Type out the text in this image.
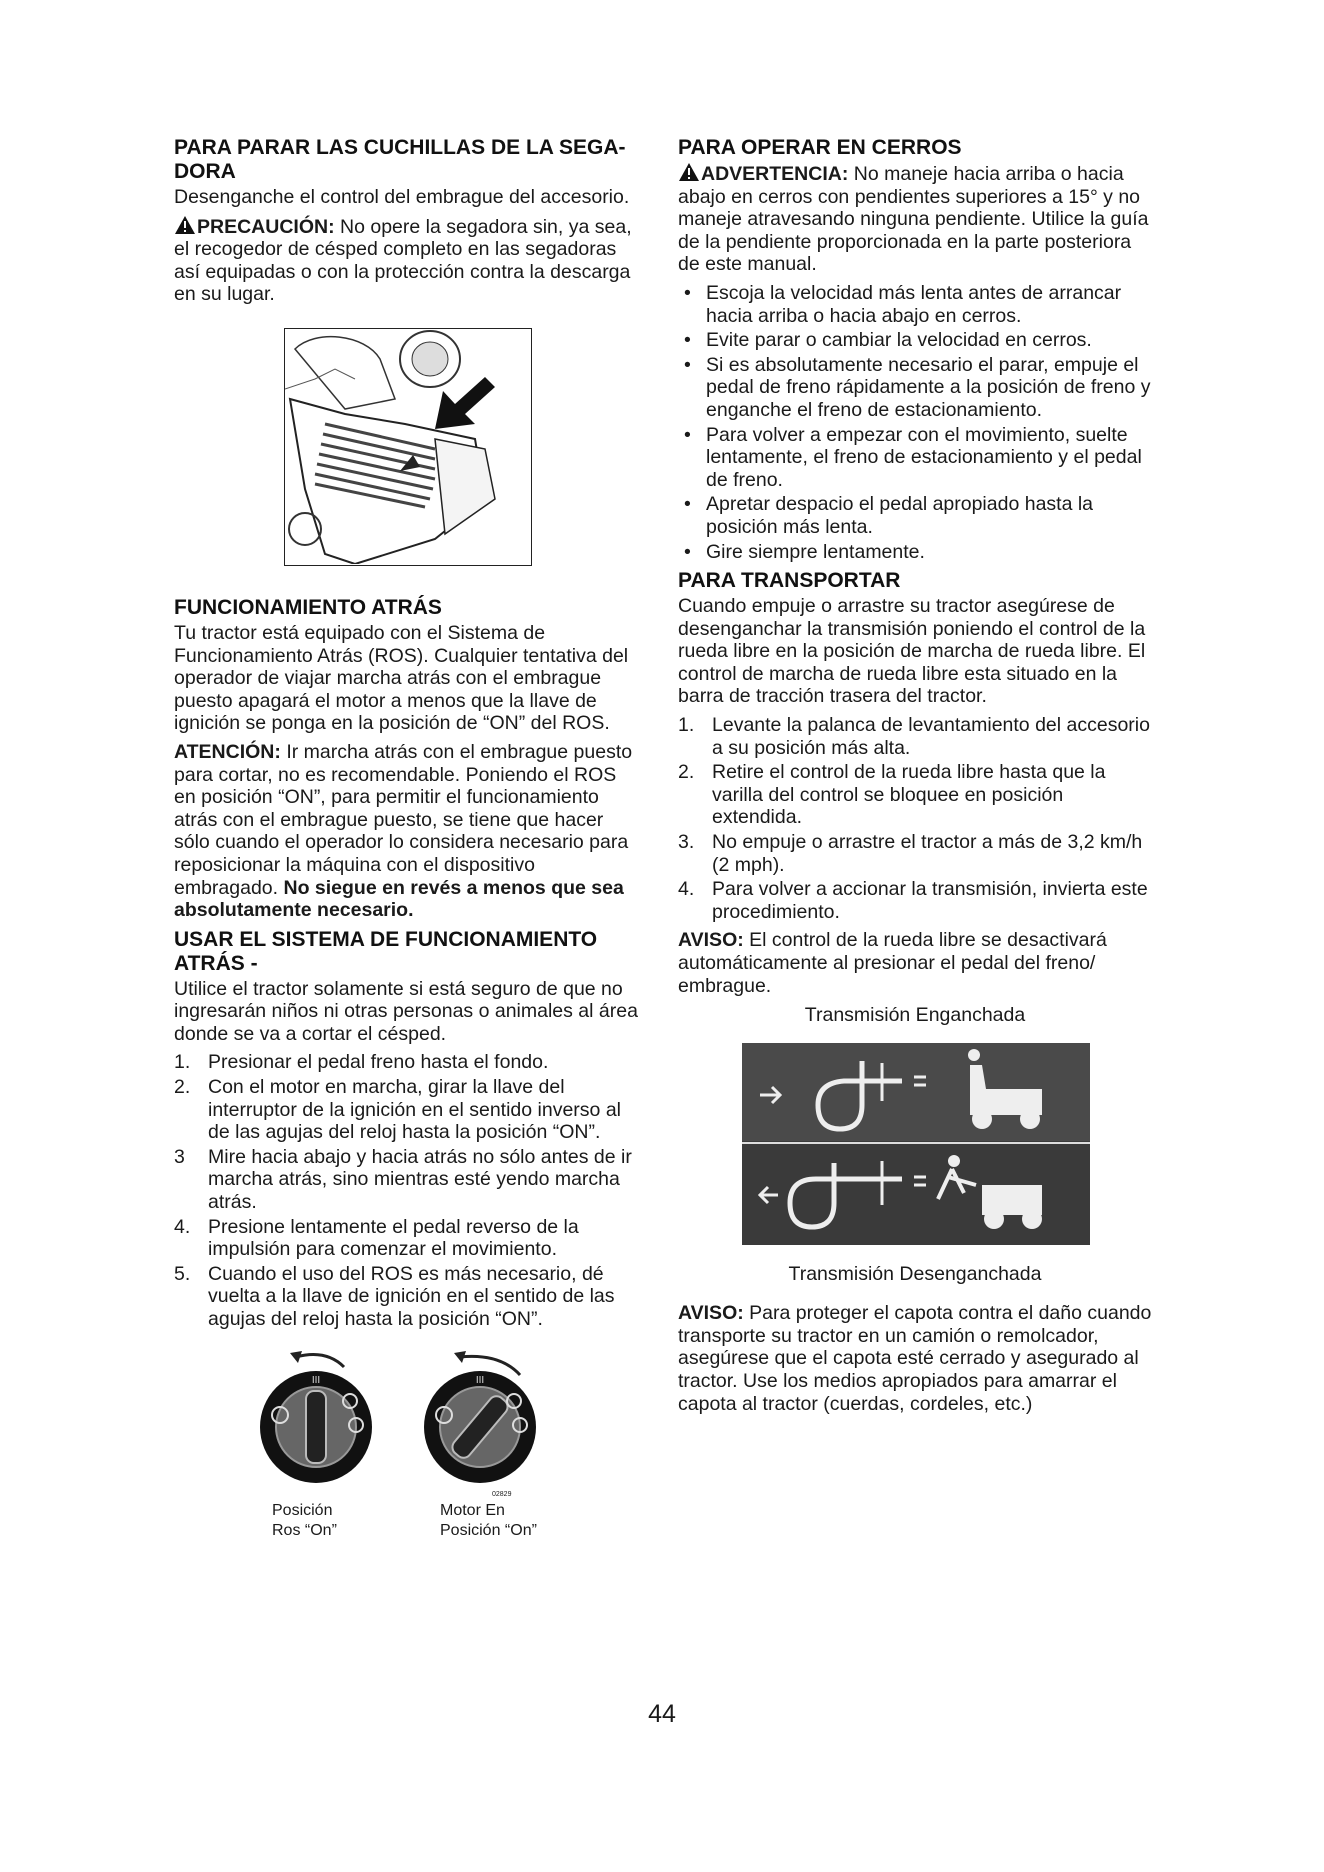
PARA PARAR LAS CUCHILLAS DE LA SEGA-DORA

Desenganche el control del embrague del accesorio.

PRECAUCIÓN: No opere la segadora sin, ya sea, el recogedor de césped completo en las segadoras así equipadas o con la protección contra la descarga en su lugar.

FUNCIONAMIENTO ATRÁS

Tu tractor está equipado con el Sistema de Funcionamiento Atrás (ROS). Cualquier tentativa del operador de viajar marcha atrás con el embrague puesto apagará el motor a menos que la llave de ignición se ponga en la posición de “ON” del ROS.

ATENCIÓN: Ir marcha atrás con el embrague puesto para cortar, no es recomendable. Poniendo el ROS en posición “ON”, para permitir el funcionamiento atrás con el embrague puesto, se tiene que hacer sólo cuando el operador lo considera necesario para reposicionar la máquina con el dispositivo embragado. No siegue en revés a menos que sea absolutamente necesario.

USAR EL SISTEMA DE FUNCIONAMIENTO ATRÁS -

Utilice el tractor solamente si está seguro de que no ingresarán niños ni otras personas o animales al área donde se va a cortar el césped.

1. Presionar el pedal freno hasta el fondo.
2. Con el motor en marcha, girar la llave del interruptor de la ignición en el sentido inverso al de las agujas del reloj hasta la posición “ON”.
3 Mire hacia abajo y hacia atrás no sólo antes de ir marcha atrás, sino mientras esté yendo marcha atrás.
4. Presione lentamente el pedal reverso de la impulsión para comenzar el movimiento.
5. Cuando el uso del ROS es más necesario, dé vuelta a la llave de ignición en el sentido de las agujas del reloj hasta la posición “ON”.
III	III
Posición
Ros “On”
Motor En
Posición “On”
02829
PARA OPERAR EN CERROS

ADVERTENCIA: No maneje hacia arriba o hacia abajo en cerros con pendientes superiores a 15° y no maneje atravesando ninguna pendiente. Utilice la guía de la pendiente proporcionada en la parte posteriora de este manual.

• Escoja la velocidad más lenta antes de arrancar hacia arriba o hacia abajo en cerros.
• Evite parar o cambiar la velocidad en cerros.
• Si es absolutamente necesario el parar, empuje el pedal de freno rápidamente a la posición de freno y enganche el freno de estacionamiento.
• Para volver a empezar con el movimiento, suelte lentamente, el freno de estacionamiento y el pedal de freno.
• Apretar despacio el pedal apropiado hasta la posición más lenta.
• Gire siempre lentamente.
PARA TRANSPORTAR

Cuando empuje o arrastre su tractor asegúrese de desenganchar la transmisión poniendo el control de la rueda libre en la posición de marcha de rueda libre. El control de marcha de rueda libre esta situado en la barra de tracción trasera del tractor.

1. Levante la palanca de levantamiento del accesorio a su posición más alta.
2. Retire el control de la rueda libre hasta que la varilla del control se bloquee en posición extendida.
3. No empuje o arrastre el tractor a más de 3,2 km/h (2 mph).
4. Para volver a accionar la transmisión, invierta este procedimiento.

AVISO: El control de la rueda libre se desactivará automáticamente al presionar el pedal del freno/ embrague.

Transmisión Enganchada
Transmisión Desenganchada

AVISO: Para proteger el capota contra el daño cuando transporte su tractor en un camión o remolcador, asegúrese que el capota esté cerrado y asegurado al tractor. Use los medios apropiados para amarrar el capota al tractor (cuerdas, cordeles, etc.)

44
